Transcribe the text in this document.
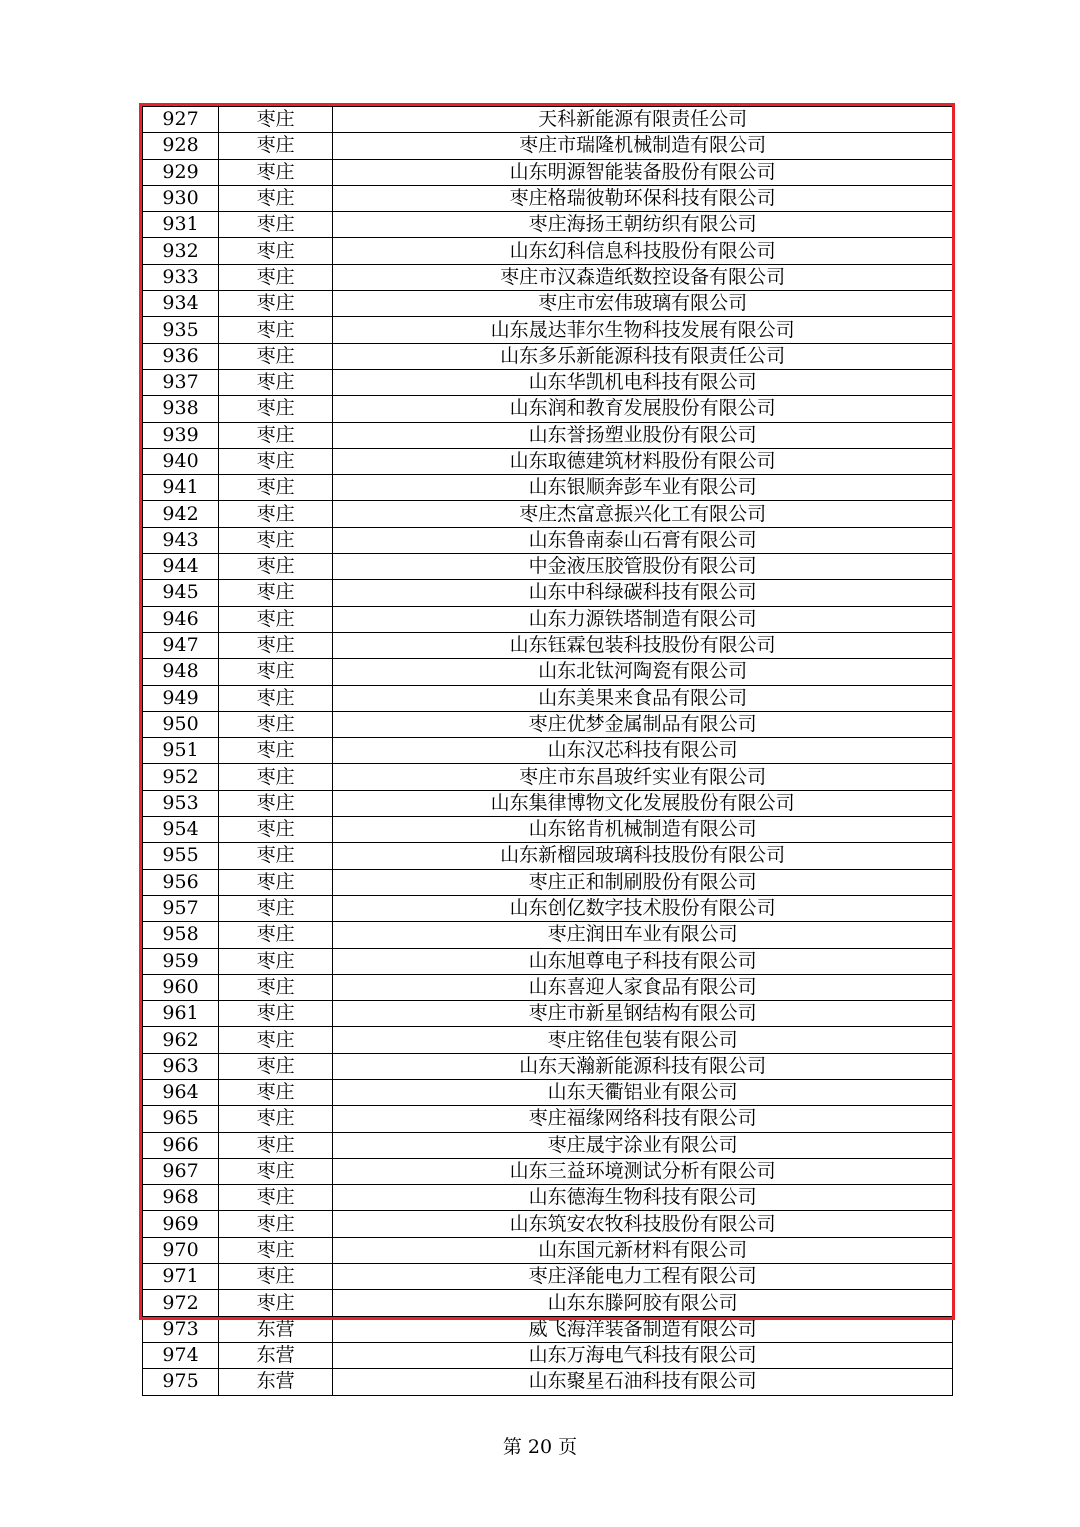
927	枣庄	天科新能源有限责任公司
928	枣庄	枣庄市瑞隆机械制造有限公司
929	枣庄	山东明源智能装备股份有限公司
930	枣庄	枣庄格瑞彼勒环保科技有限公司
931	枣庄	枣庄海扬王朝纺织有限公司
932	枣庄	山东幻科信息科技股份有限公司
933	枣庄	枣庄市汉森造纸数控设备有限公司
934	枣庄	枣庄市宏伟玻璃有限公司
935	枣庄	山东晟达菲尔生物科技发展有限公司
936	枣庄	山东多乐新能源科技有限责任公司
937	枣庄	山东华凯机电科技有限公司
938	枣庄	山东润和教育发展股份有限公司
939	枣庄	山东誉扬塑业股份有限公司
940	枣庄	山东取德建筑材料股份有限公司
941	枣庄	山东银顺奔彭车业有限公司
942	枣庄	枣庄杰富意振兴化工有限公司
943	枣庄	山东鲁南泰山石膏有限公司
944	枣庄	中金液压胶管股份有限公司
945	枣庄	山东中科绿碳科技有限公司
946	枣庄	山东力源铁塔制造有限公司
947	枣庄	山东钰霖包装科技股份有限公司
948	枣庄	山东北钛河陶瓷有限公司
949	枣庄	山东美果来食品有限公司
950	枣庄	枣庄优梦金属制品有限公司
951	枣庄	山东汉芯科技有限公司
952	枣庄	枣庄市东昌玻纤实业有限公司
953	枣庄	山东集律博物文化发展股份有限公司
954	枣庄	山东铭肯机械制造有限公司
955	枣庄	山东新榴园玻璃科技股份有限公司
956	枣庄	枣庄正和制刷股份有限公司
957	枣庄	山东创亿数字技术股份有限公司
958	枣庄	枣庄润田车业有限公司
959	枣庄	山东旭尊电子科技有限公司
960	枣庄	山东喜迎人家食品有限公司
961	枣庄	枣庄市新星钢结构有限公司
962	枣庄	枣庄铭佳包装有限公司
963	枣庄	山东天瀚新能源科技有限公司
964	枣庄	山东天衢铝业有限公司
965	枣庄	枣庄福缘网络科技有限公司
966	枣庄	枣庄晟宇涂业有限公司
967	枣庄	山东三益环境测试分析有限公司
968	枣庄	山东德海生物科技有限公司
969	枣庄	山东筑安农牧科技股份有限公司
970	枣庄	山东国元新材料有限公司
971	枣庄	枣庄泽能电力工程有限公司
972	枣庄	山东东滕阿胶有限公司
973	东营	威飞海洋装备制造有限公司
974	东营	山东万海电气科技有限公司
975	东营	山东聚星石油科技有限公司
第 20 页
